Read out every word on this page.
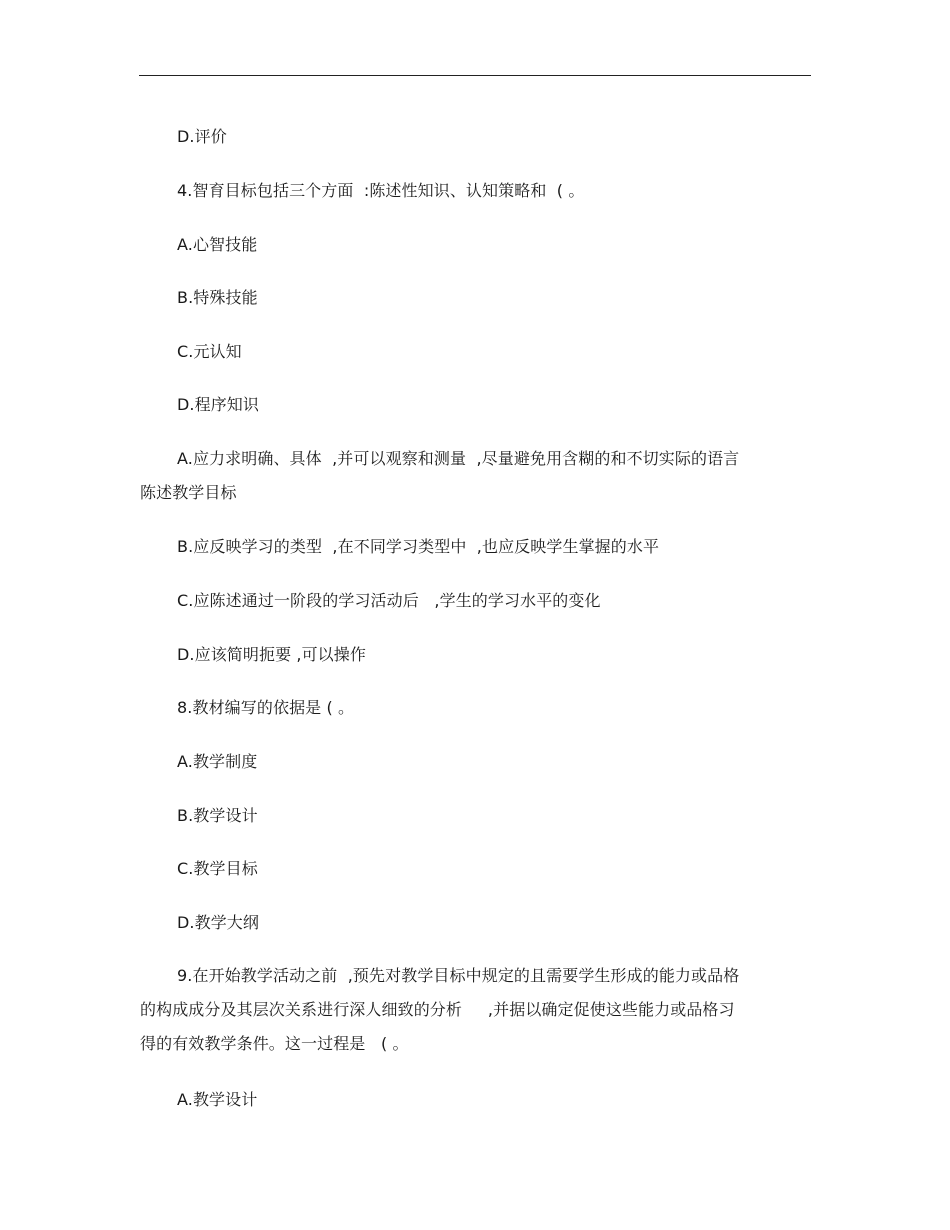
D.评价
4.智育目标包括三个方面  :陈述性知识、认知策略和  ( 。
A.心智技能
B.特殊技能
C.元认知
D.程序知识
A.应力求明确、具体  ,并可以观察和测量  ,尽量避免用含糊的和不切实际的语言
陈述教学目标
B.应反映学习的类型  ,在不同学习类型中  ,也应反映学生掌握的水平
C.应陈述通过一阶段的学习活动后   ,学生的学习水平的变化
D.应该简明扼要 ,可以操作
8.教材编写的依据是 ( 。
A.教学制度
B.教学设计
C.教学目标
D.教学大纲
9.在开始教学活动之前  ,预先对教学目标中规定的且需要学生形成的能力或品格
的构成成分及其层次关系进行深人细致的分析     ,并据以确定促使这些能力或品格习
得的有效教学条件。这一过程是   ( 。
A.教学设计
